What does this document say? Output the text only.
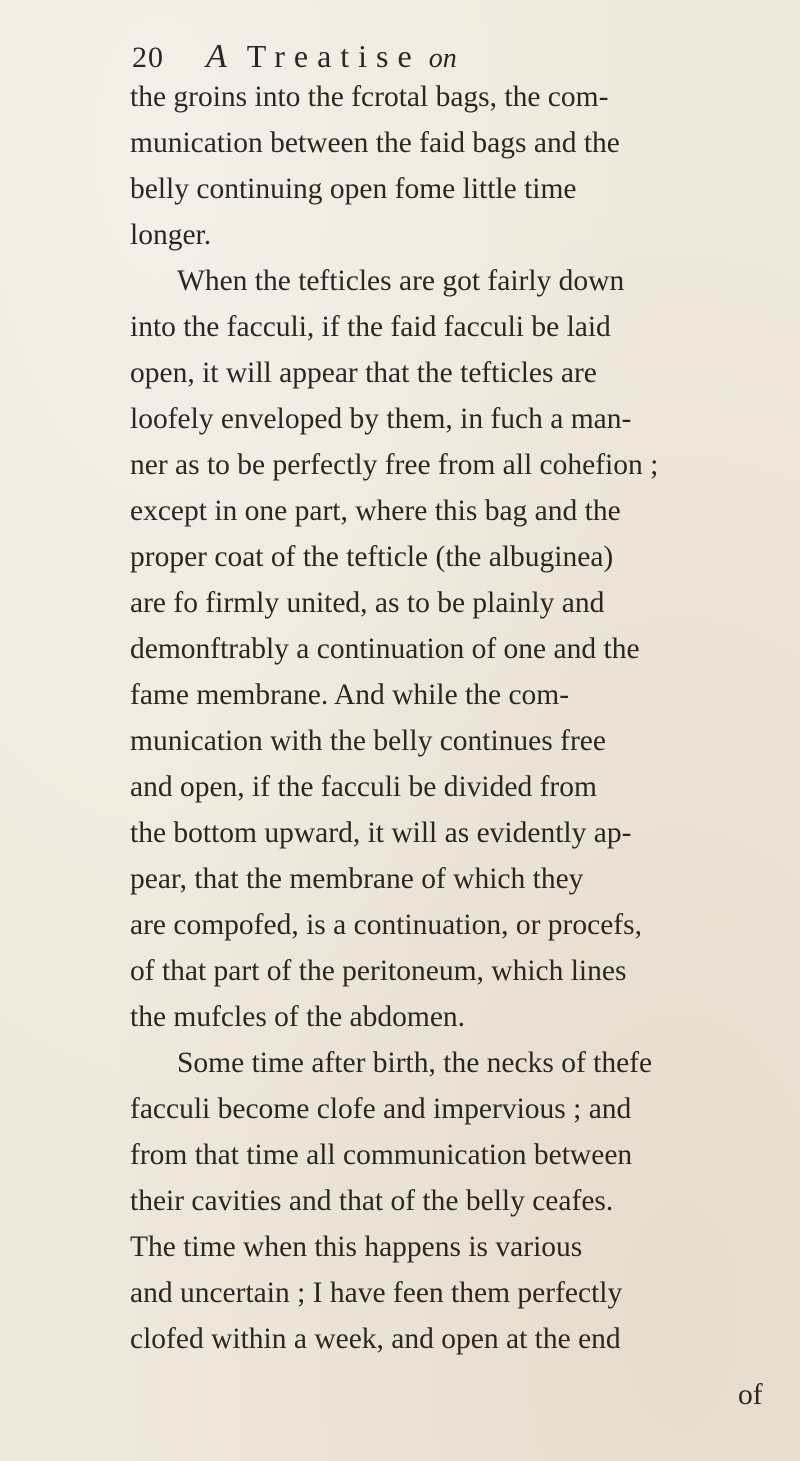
20 A Treatise on
the groins into the fcrotal bags, the com-
munication between the faid bags and the
belly continuing open fome little time
longer.
When the tefticles are got fairly down
into the facculi, if the faid facculi be laid
open, it will appear that the tefticles are
loofely enveloped by them, in fuch a man-
ner as to be perfectly free from all cohefion ;
except in one part, where this bag and the
proper coat of the tefticle (the albuginea)
are fo firmly united, as to be plainly and
demonftrably a continuation of one and the
fame membrane. And while the com-
munication with the belly continues free
and open, if the facculi be divided from
the bottom upward, it will as evidently ap-
pear, that the membrane of which they
are compofed, is a continuation, or procefs,
of that part of the peritoneum, which lines
the mufcles of the abdomen.
Some time after birth, the necks of thefe
facculi become clofe and impervious ; and
from that time all communication between
their cavities and that of the belly ceafes.
The time when this happens is various
and uncertain ; I have feen them perfectly
clofed within a week, and open at the end
of
